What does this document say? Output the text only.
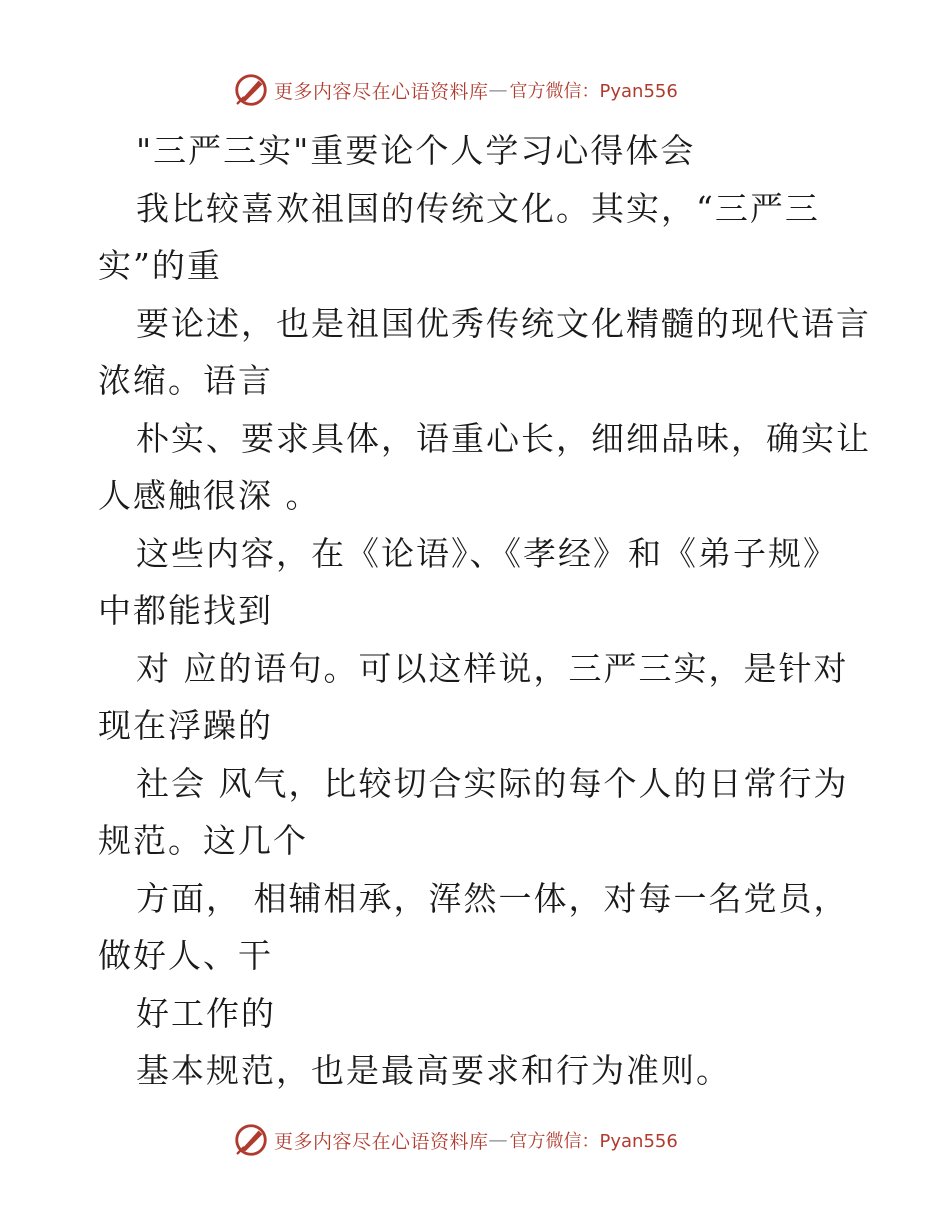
更多内容尽在心语资料库 — 官方微信：Pyan556
"三严三实"重要论个人学习心得体会
我比较喜欢祖国的传统文化。其实，“三严三
实”的重
要论述，也是祖国优秀传统文化精髓的现代语言
浓缩。语言
朴实、要求具体，语重心长，细细品味，确实让
人感触很深 。
这些内容，在《论语》、《孝经》和《弟子规》
中都能找到
对 应的语句。可以这样说，三严三实，是针对
现在浮躁的
社会 风气，比较切合实际的每个人的日常行为
规范。这几个
方面， 相辅相承，浑然一体，对每一名党员，
做好人、干
好工作的
基本规范，也是最高要求和行为准则。
更多内容尽在心语资料库 — 官方微信：Pyan556
